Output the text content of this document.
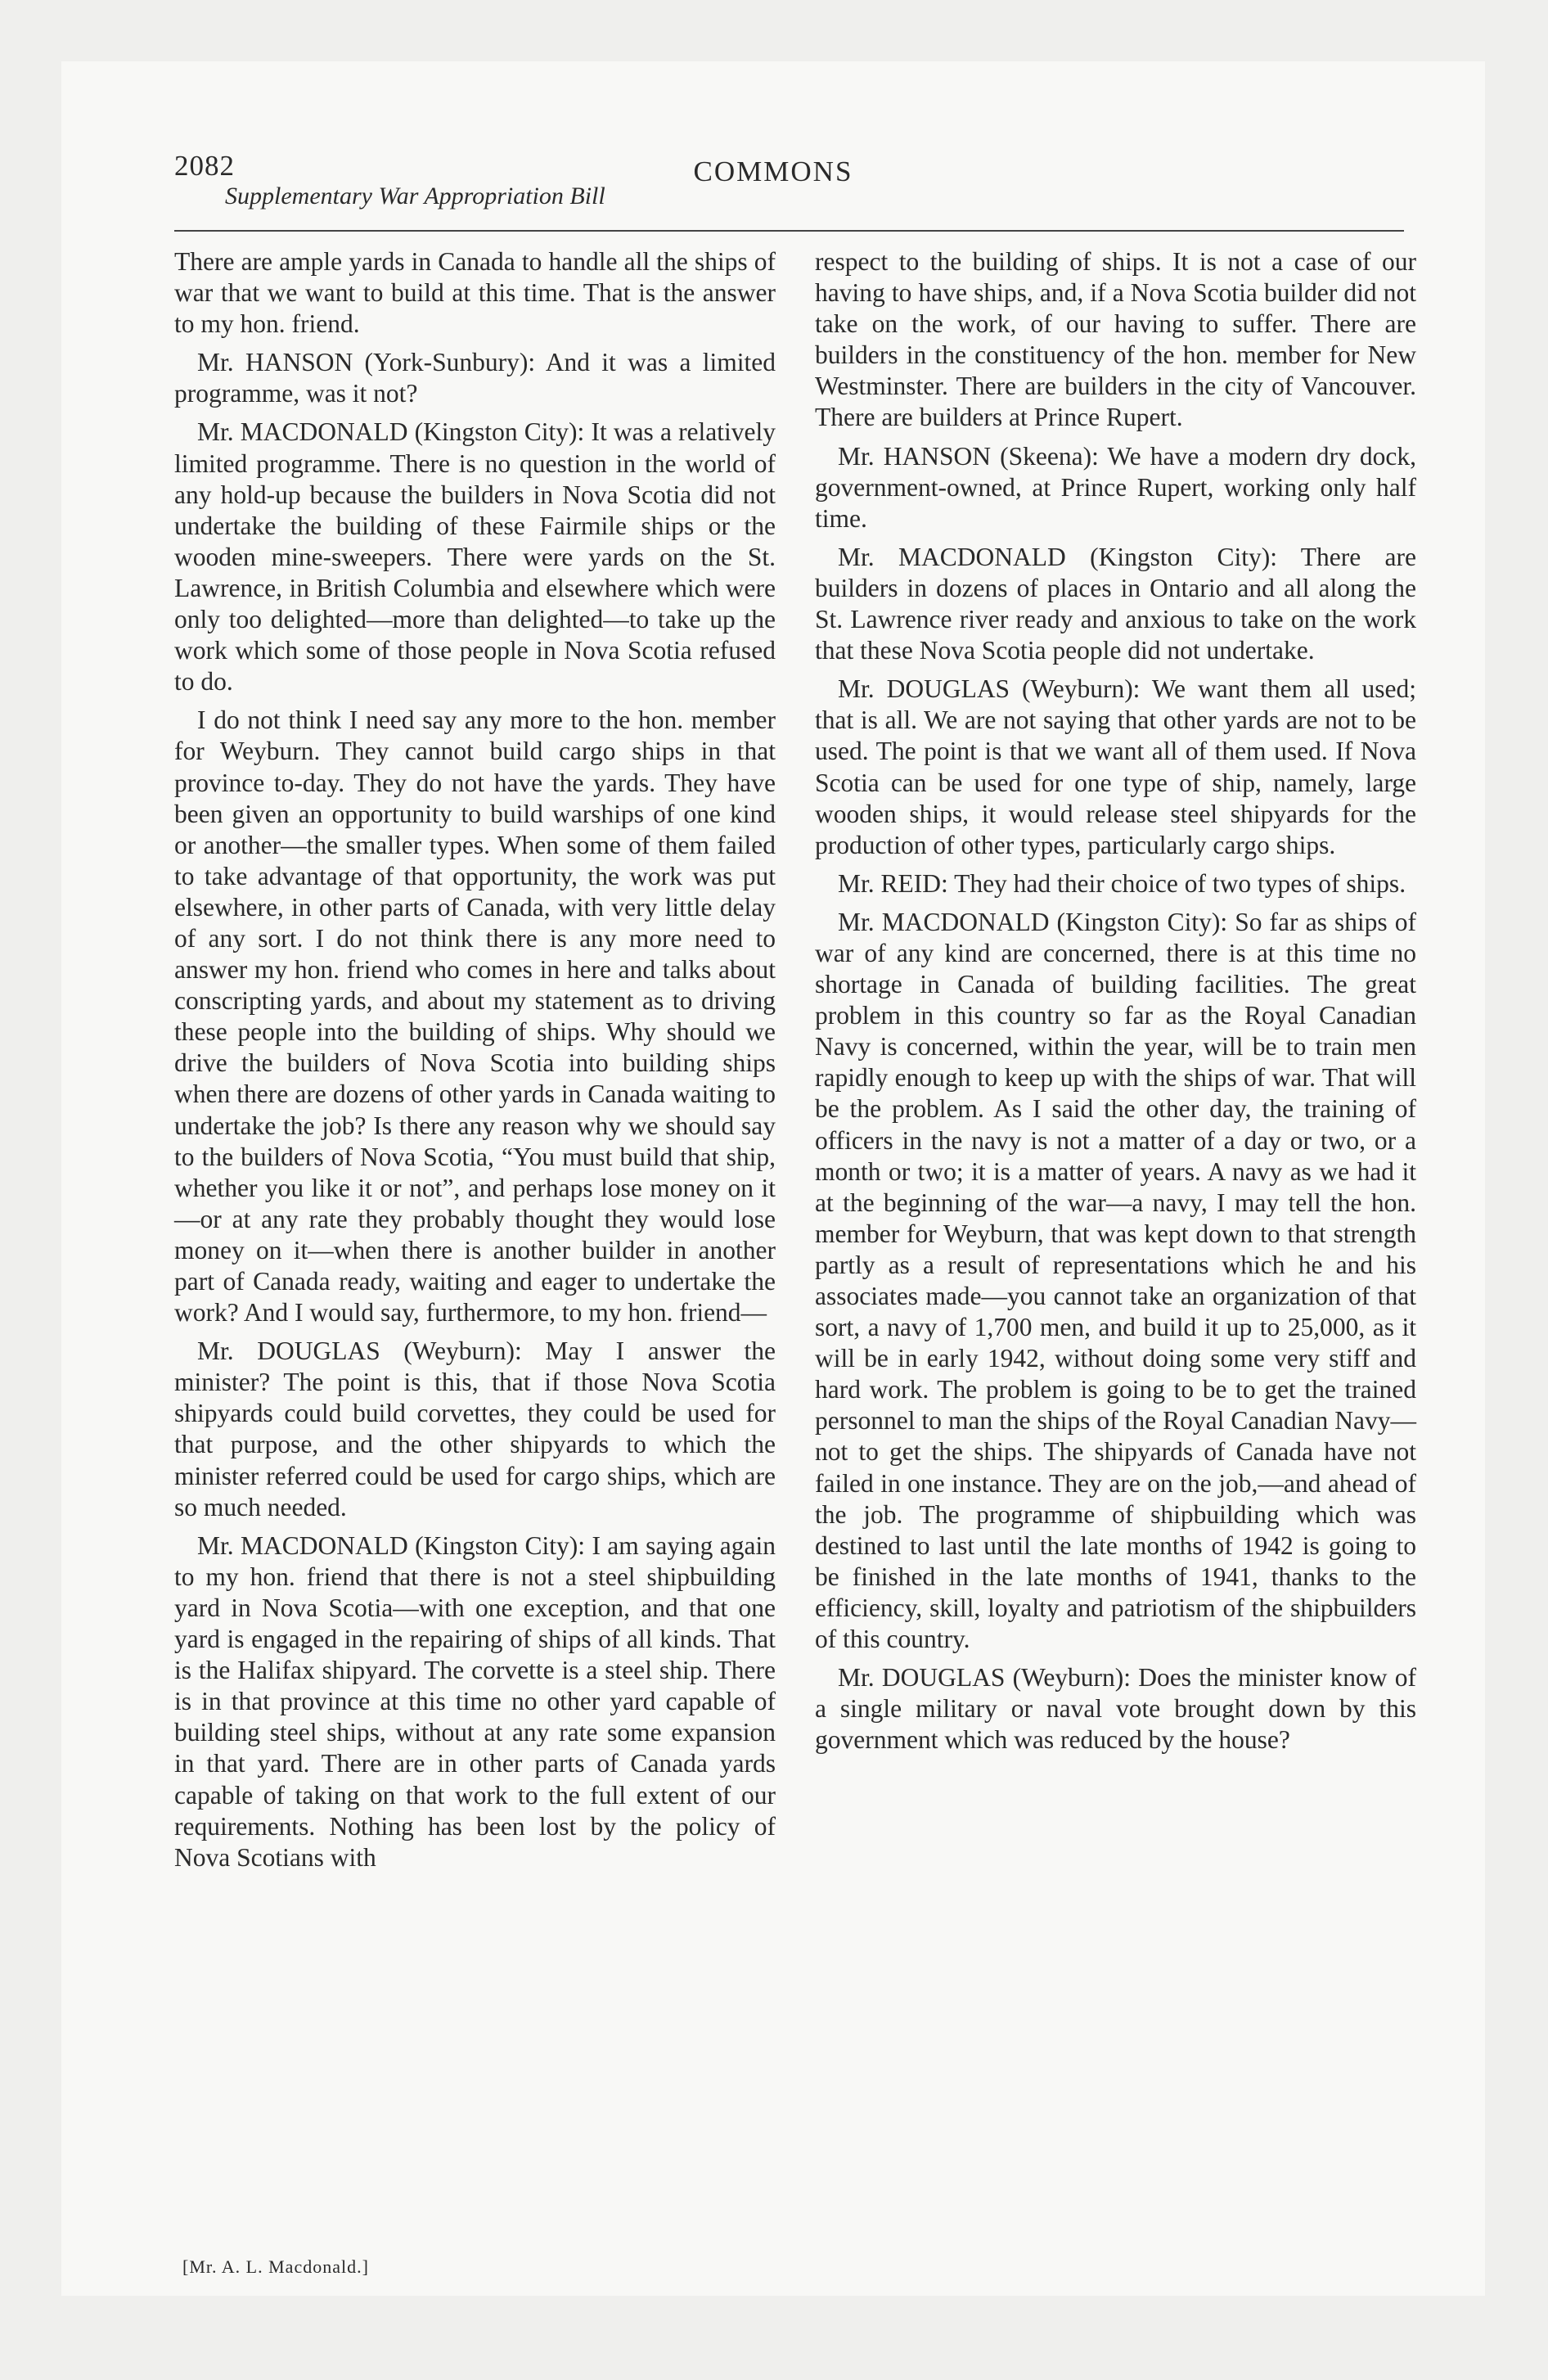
2082	COMMONS
Supplementary War Appropriation Bill

There are ample yards in Canada to handle all the ships of war that we want to build at this time. That is the answer to my hon. friend.

Mr. HANSON (York-Sunbury): And it was a limited programme, was it not?

Mr. MACDONALD (Kingston City): It was a relatively limited programme. There is no question in the world of any hold-up because the builders in Nova Scotia did not undertake the building of these Fairmile ships or the wooden mine-sweepers. There were yards on the St. Lawrence, in British Columbia and elsewhere which were only too delighted—more than delighted—to take up the work which some of those people in Nova Scotia refused to do.

I do not think I need say any more to the hon. member for Weyburn. They cannot build cargo ships in that province to-day. They do not have the yards. They have been given an opportunity to build warships of one kind or another—the smaller types. When some of them failed to take advantage of that opportunity, the work was put elsewhere, in other parts of Canada, with very little delay of any sort. I do not think there is any more need to answer my hon. friend who comes in here and talks about conscripting yards, and about my statement as to driving these people into the building of ships. Why should we drive the builders of Nova Scotia into building ships when there are dozens of other yards in Canada waiting to undertake the job? Is there any reason why we should say to the builders of Nova Scotia, “You must build that ship, whether you like it or not”, and perhaps lose money on it—or at any rate they probably thought they would lose money on it—when there is another builder in another part of Canada ready, waiting and eager to undertake the work? And I would say, furthermore, to my hon. friend—

Mr. DOUGLAS (Weyburn): May I answer the minister? The point is this, that if those Nova Scotia shipyards could build corvettes, they could be used for that purpose, and the other shipyards to which the minister referred could be used for cargo ships, which are so much needed.

Mr. MACDONALD (Kingston City): I am saying again to my hon. friend that there is not a steel shipbuilding yard in Nova Scotia—with one exception, and that one yard is engaged in the repairing of ships of all kinds. That is the Halifax shipyard. The corvette is a steel ship. There is in that province at this time no other yard capable of building steel ships, without at any rate some expansion in that yard. There are in other parts of Canada yards capable of taking on that work to the full extent of our requirements. Nothing has been lost by the policy of Nova Scotians with

respect to the building of ships. It is not a case of our having to have ships, and, if a Nova Scotia builder did not take on the work, of our having to suffer. There are builders in the constituency of the hon. member for New Westminster. There are builders in the city of Vancouver. There are builders at Prince Rupert.

Mr. HANSON (Skeena): We have a modern dry dock, government-owned, at Prince Rupert, working only half time.

Mr. MACDONALD (Kingston City): There are builders in dozens of places in Ontario and all along the St. Lawrence river ready and anxious to take on the work that these Nova Scotia people did not undertake.

Mr. DOUGLAS (Weyburn): We want them all used; that is all. We are not saying that other yards are not to be used. The point is that we want all of them used. If Nova Scotia can be used for one type of ship, namely, large wooden ships, it would release steel shipyards for the production of other types, particularly cargo ships.

Mr. REID: They had their choice of two types of ships.

Mr. MACDONALD (Kingston City): So far as ships of war of any kind are concerned, there is at this time no shortage in Canada of building facilities. The great problem in this country so far as the Royal Canadian Navy is concerned, within the year, will be to train men rapidly enough to keep up with the ships of war. That will be the problem. As I said the other day, the training of officers in the navy is not a matter of a day or two, or a month or two; it is a matter of years. A navy as we had it at the beginning of the war—a navy, I may tell the hon. member for Weyburn, that was kept down to that strength partly as a result of representations which he and his associates made—you cannot take an organization of that sort, a navy of 1,700 men, and build it up to 25,000, as it will be in early 1942, without doing some very stiff and hard work. The problem is going to be to get the trained personnel to man the ships of the Royal Canadian Navy—not to get the ships. The shipyards of Canada have not failed in one instance. They are on the job,—and ahead of the job. The programme of shipbuilding which was destined to last until the late months of 1942 is going to be finished in the late months of 1941, thanks to the efficiency, skill, loyalty and patriotism of the shipbuilders of this country.

Mr. DOUGLAS (Weyburn): Does the minister know of a single military or naval vote brought down by this government which was reduced by the house?

[Mr. A. L. Macdonald.]
